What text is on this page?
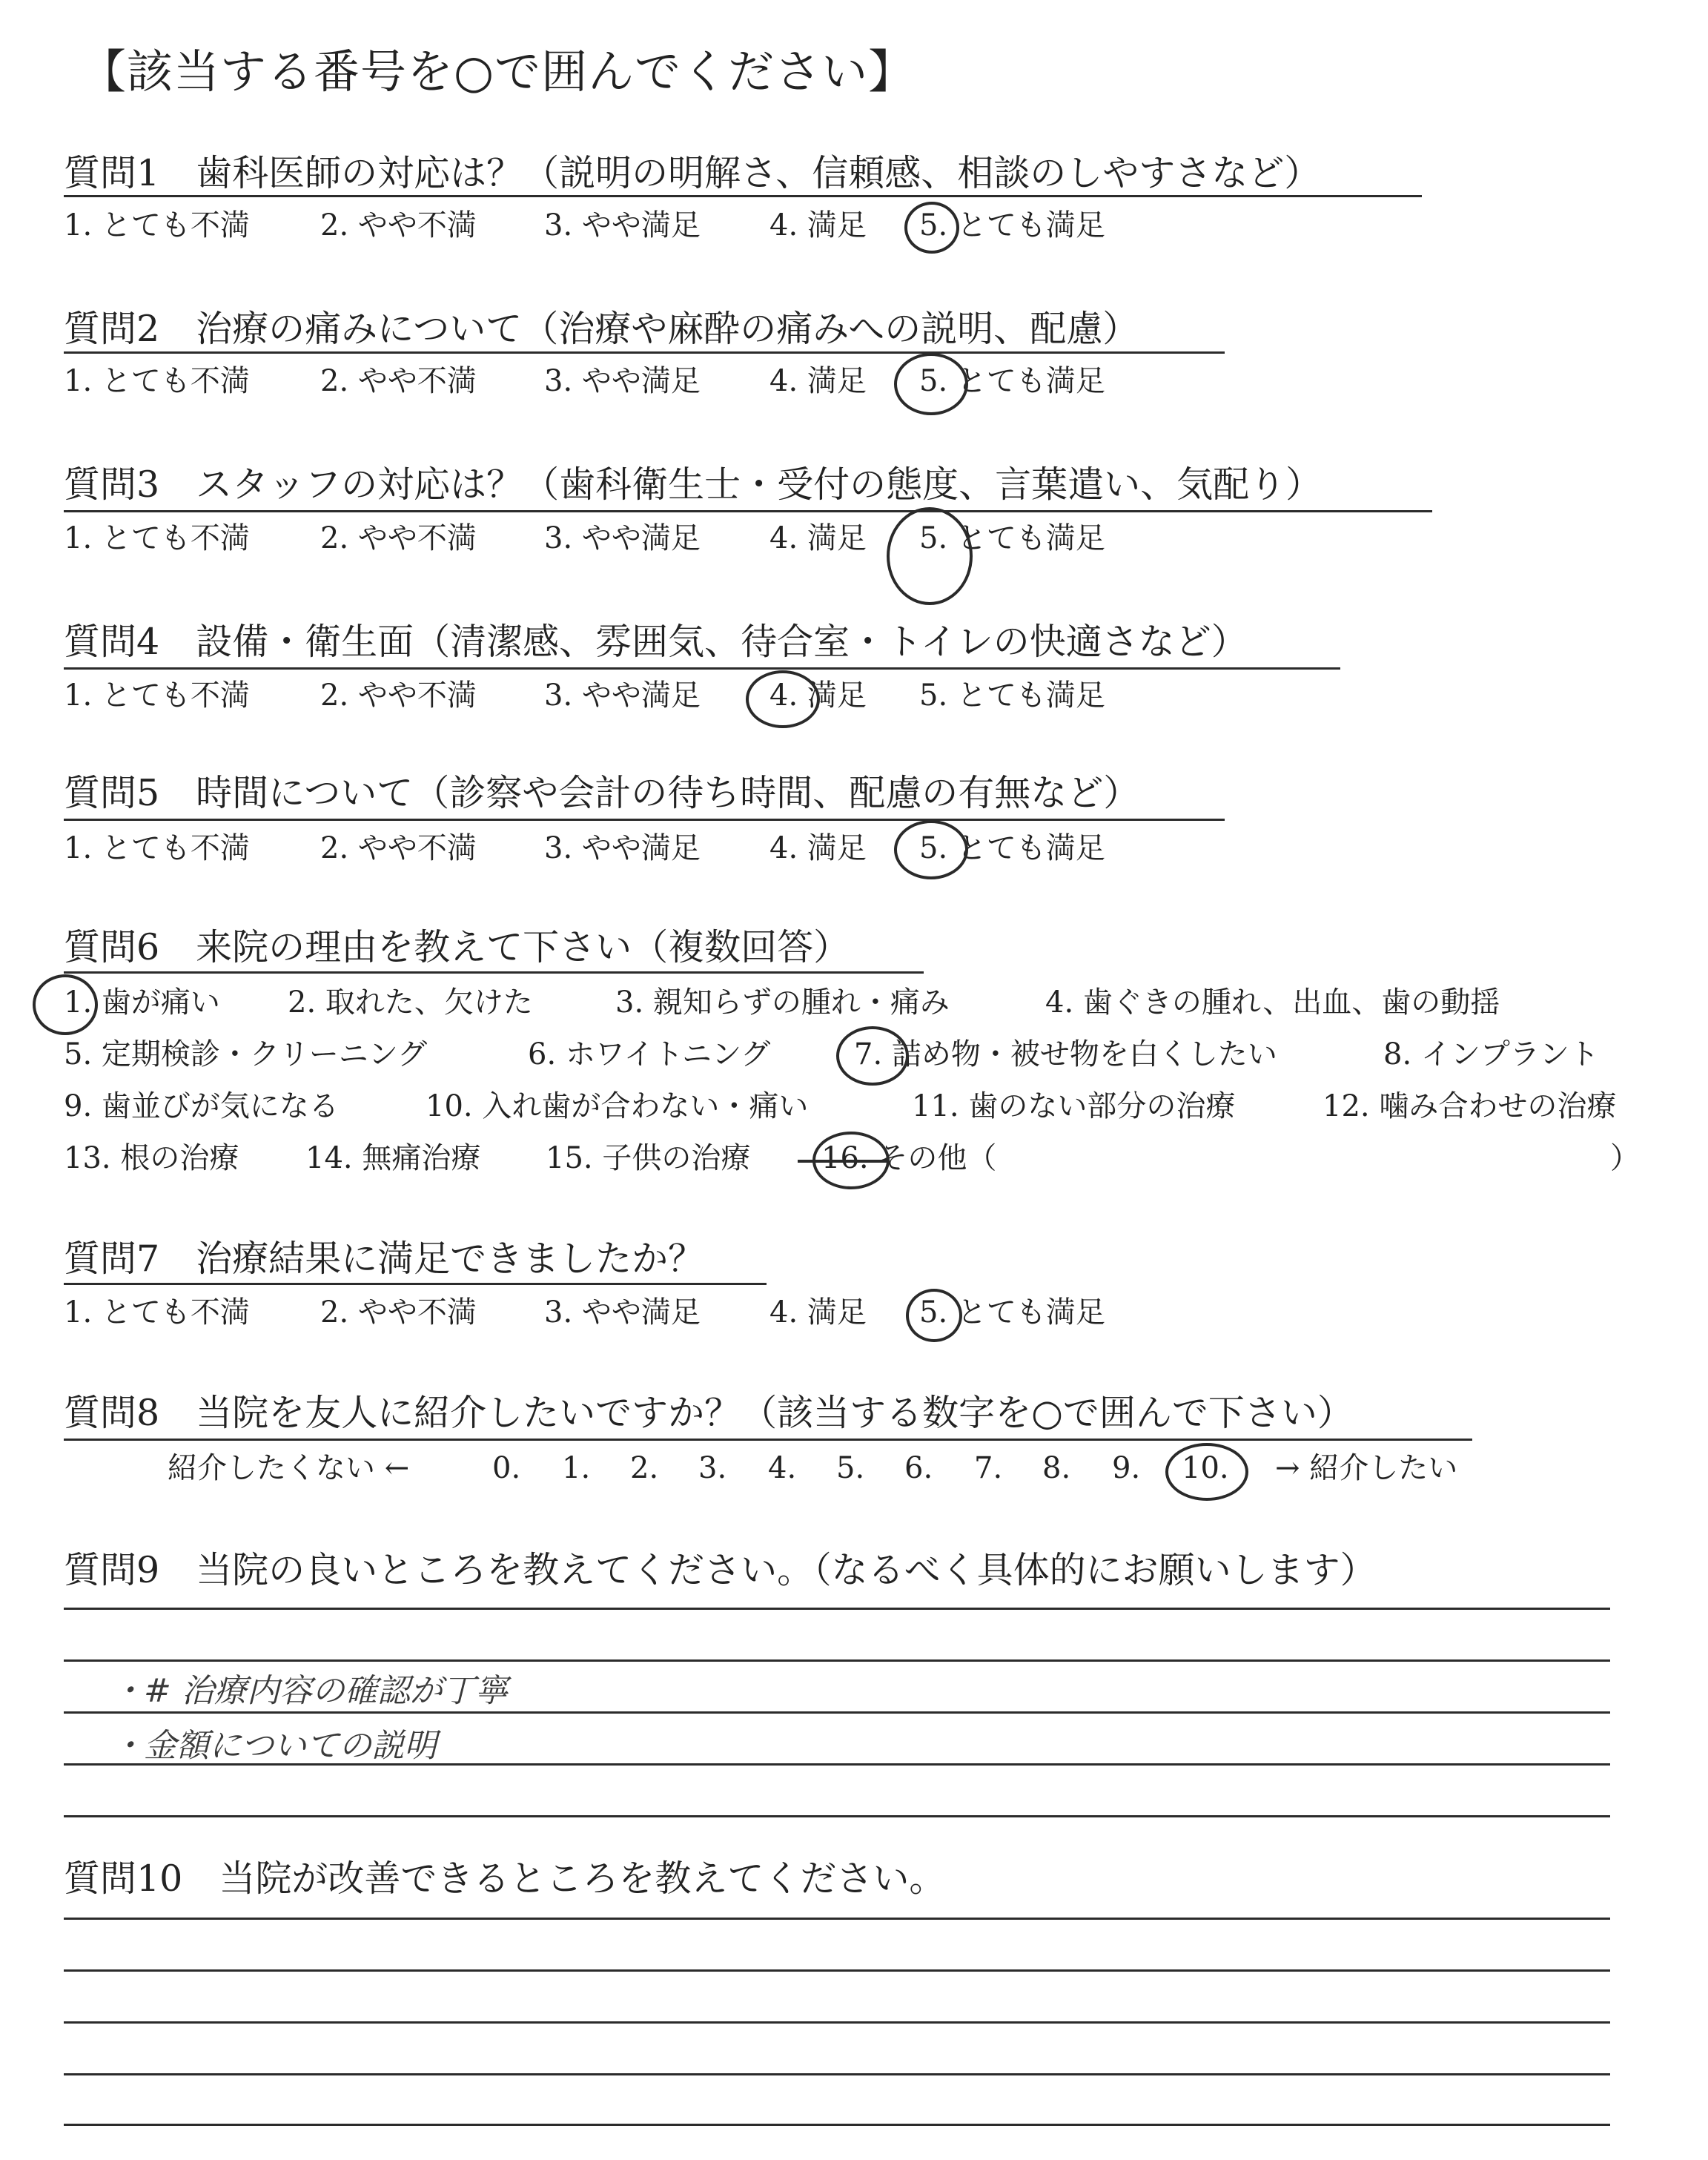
【該当する番号を○で囲んでください】
質問1　歯科医師の対応は？（説明の明解さ、信頼感、相談のしやすさなど）
1. とても不満 2. やや不満 3. やや満足 4. 満足 5. とても満足
質問2　治療の痛みについて（治療や麻酔の痛みへの説明、配慮）
1. とても不満 2. やや不満 3. やや満足 4. 満足 5. とても満足
質問3　スタッフの対応は？（歯科衛生士・受付の態度、言葉遣い、気配り）
1. とても不満 2. やや不満 3. やや満足 4. 満足 5. とても満足
質問4　設備・衛生面（清潔感、雰囲気、待合室・トイレの快適さなど）
1. とても不満 2. やや不満 3. やや満足 4. 満足 5. とても満足
質問5　時間について（診察や会計の待ち時間、配慮の有無など）
1. とても不満 2. やや不満 3. やや満足 4. 満足 5. とても満足
質問6　来院の理由を教えて下さい（複数回答）
1. 歯が痛い 2. 取れた、欠けた	3. 親知らずの腫れ・痛み	4. 歯ぐきの腫れ、出血、歯の動揺
5. 定期検診・クリーニング	6. ホワイトニング	7. 詰め物・被せ物を白くしたい	8. インプラント
9. 歯並びが気になる	10. 入れ歯が合わない・痛い	11. 歯のない部分の治療	12. 噛み合わせの治療
13. 根の治療 14. 無痛治療 15. 子供の治療 16. その他（	）
質問7　治療結果に満足できましたか？
1. とても不満 2. やや不満 3. やや満足 4. 満足 5. とても満足
質問8　当院を友人に紹介したいですか？（該当する数字を○で囲んで下さい）
紹介したくない ←	0. 1. 2. 3. 4. 5. 6. 7. 8. 9. 10. → 紹介したい
質問9　当院の良いところを教えてください。（なるべく具体的にお願いします）
・# 治療内容の確認が丁寧
・金額についての説明
質問10　当院が改善できるところを教えてください。
